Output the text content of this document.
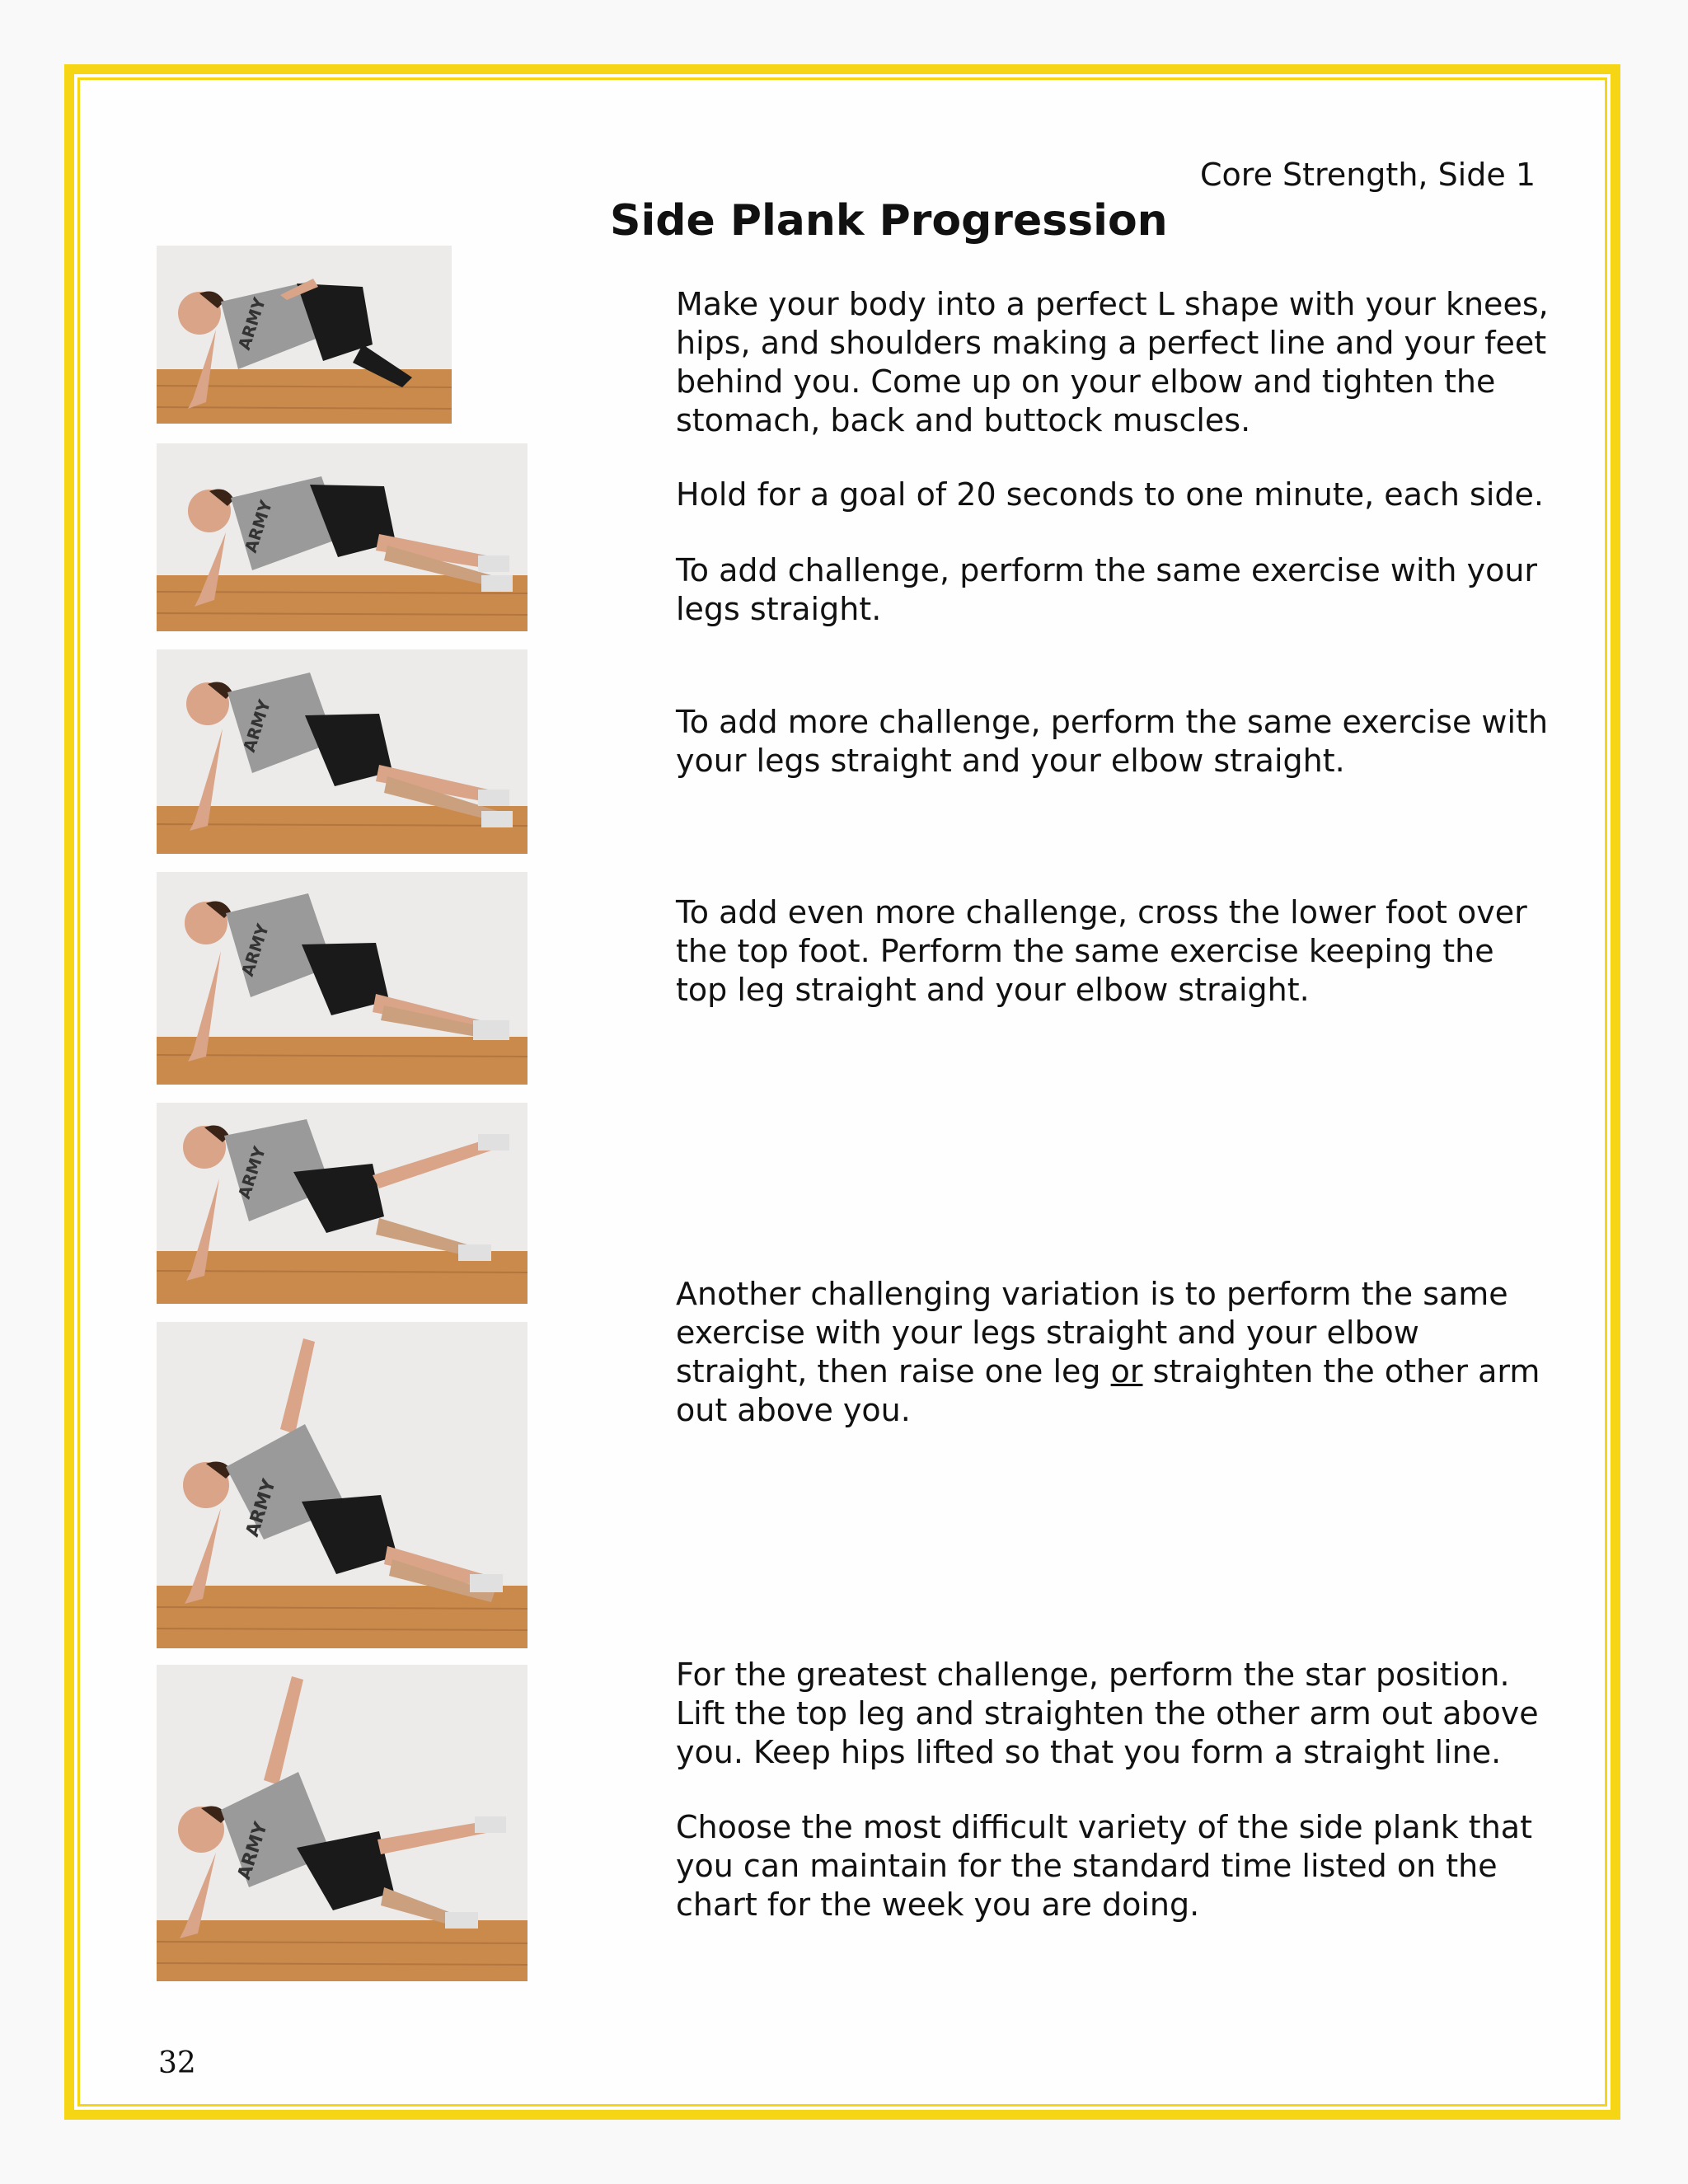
Core Strength, Side 1
Side Plank Progression

Make your body into a perfect L shape with your knees, hips, and shoulders making a perfect line and your feet behind you. Come up on your elbow and tighten the stomach, back and buttock muscles.

Hold for a goal of 20 seconds to one minute, each side.

To add challenge, perform the same exercise with your legs straight.

To add more challenge, perform the same exercise with your legs straight and your elbow straight.

To add even more challenge, cross the lower foot over the top foot. Perform the same exercise keeping the top leg straight and your elbow straight.

Another challenging variation is to perform the same exercise with your legs straight and your elbow straight, then raise one leg or straighten the other arm out above you.

For the greatest challenge, perform the star position. Lift the top leg and straighten the other arm out above you. Keep hips lifted so that you form a straight line.

Choose the most difficult variety of the side plank that you can maintain for the standard time listed on the chart for the week you are doing.

ARMY
ARMY
ARMY
ARMY
ARMY
ARMY
ARMY
32
